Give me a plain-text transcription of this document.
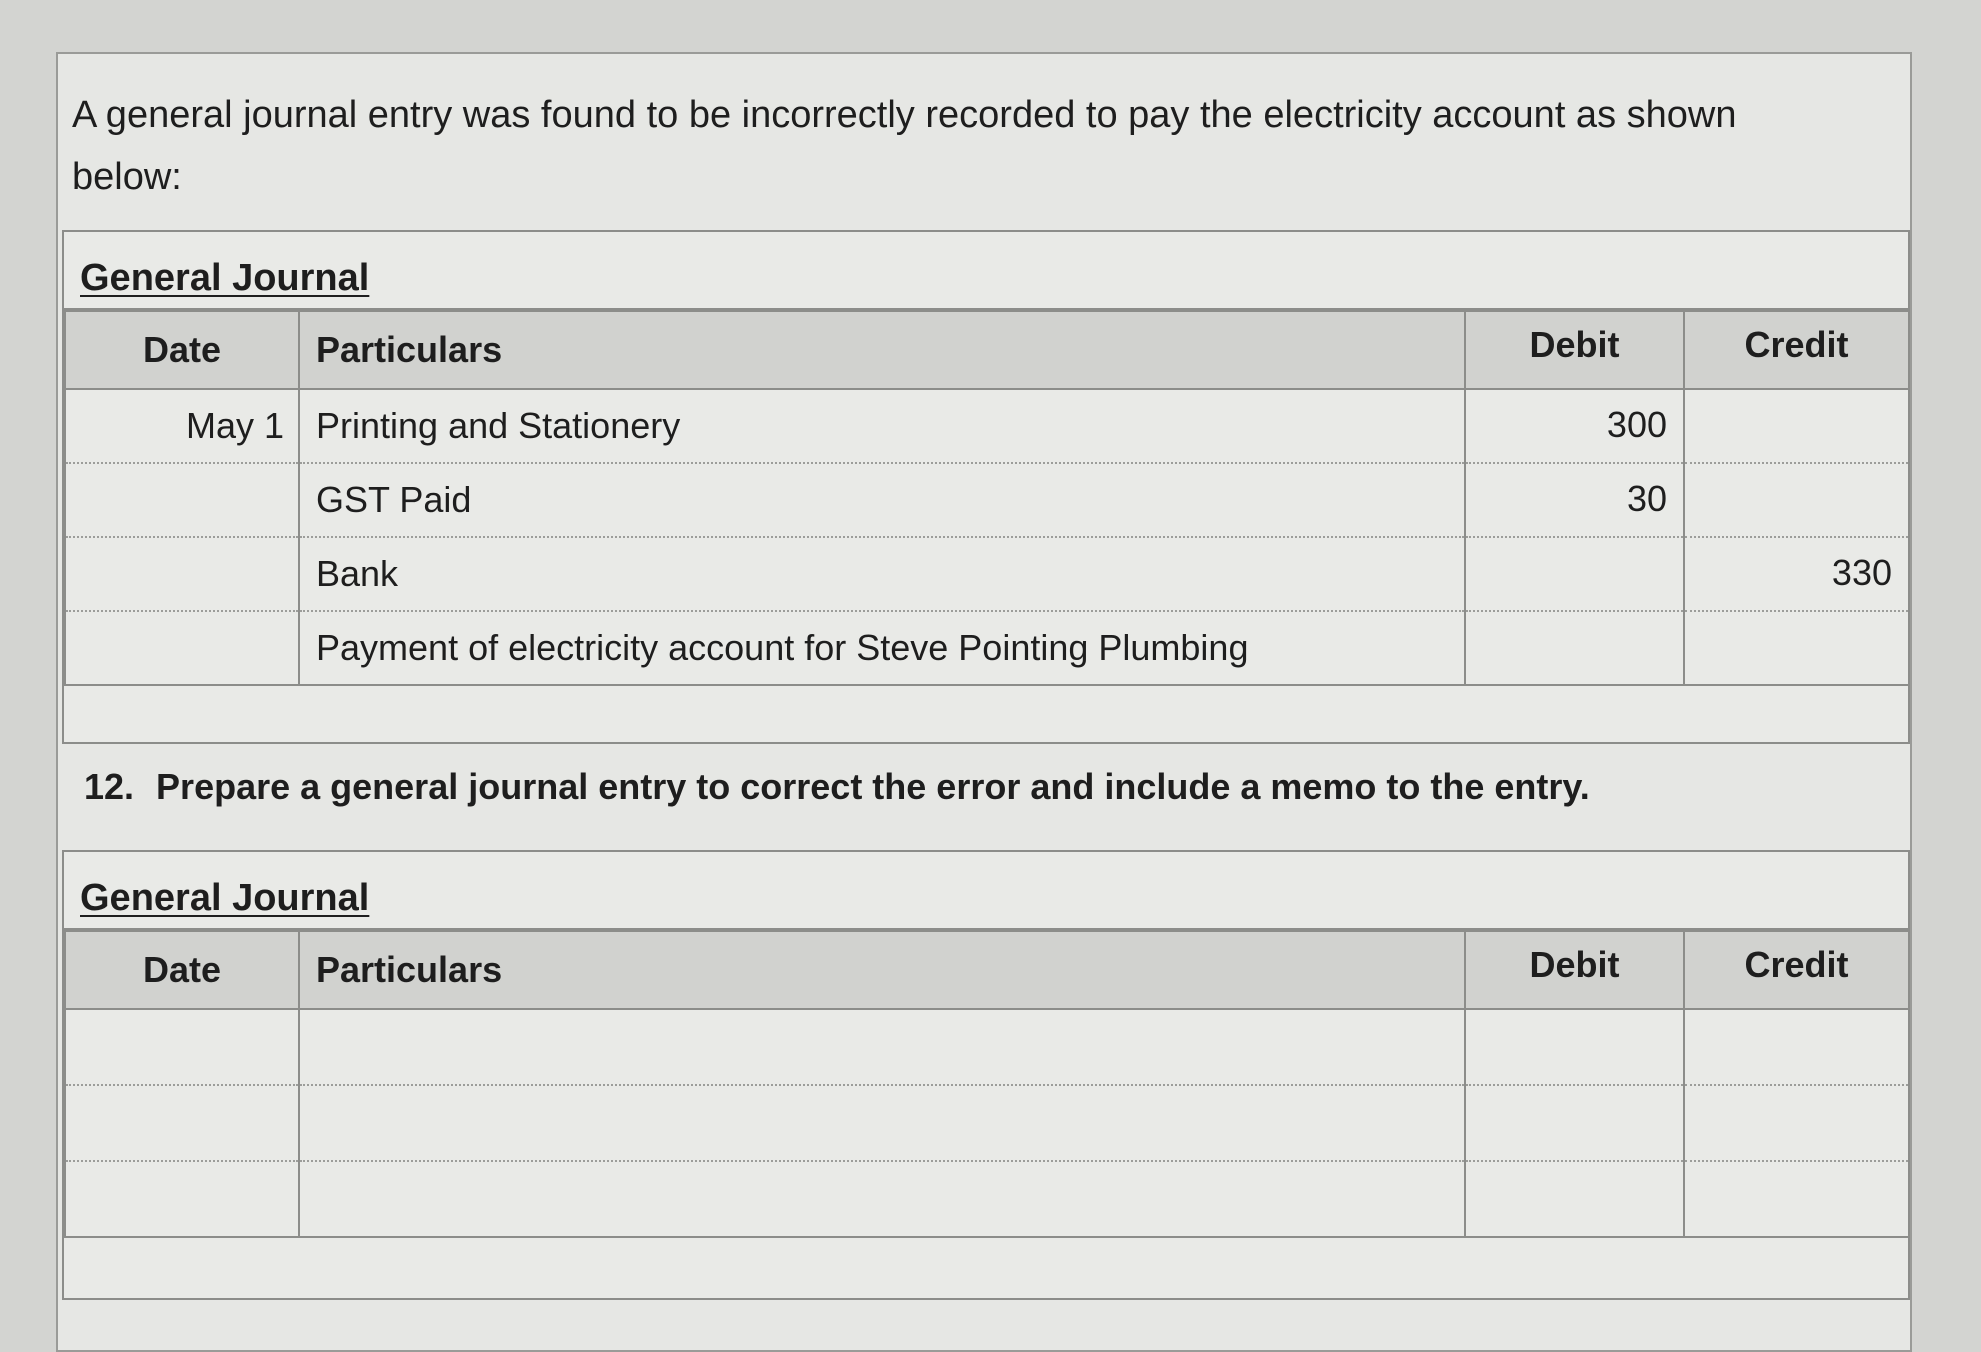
A general journal entry was found to be incorrectly recorded to pay the electricity account as shown
below:

General Journal
Date	Particulars	Debit	Credit
May 1	Printing and Stationery	300	
	GST Paid	30	
	Bank		330
	Payment of electricity account for Steve Pointing Plumbing		

12. Prepare a general journal entry to correct the error and include a memo to the entry.

General Journal
Date	Particulars	Debit	Credit
